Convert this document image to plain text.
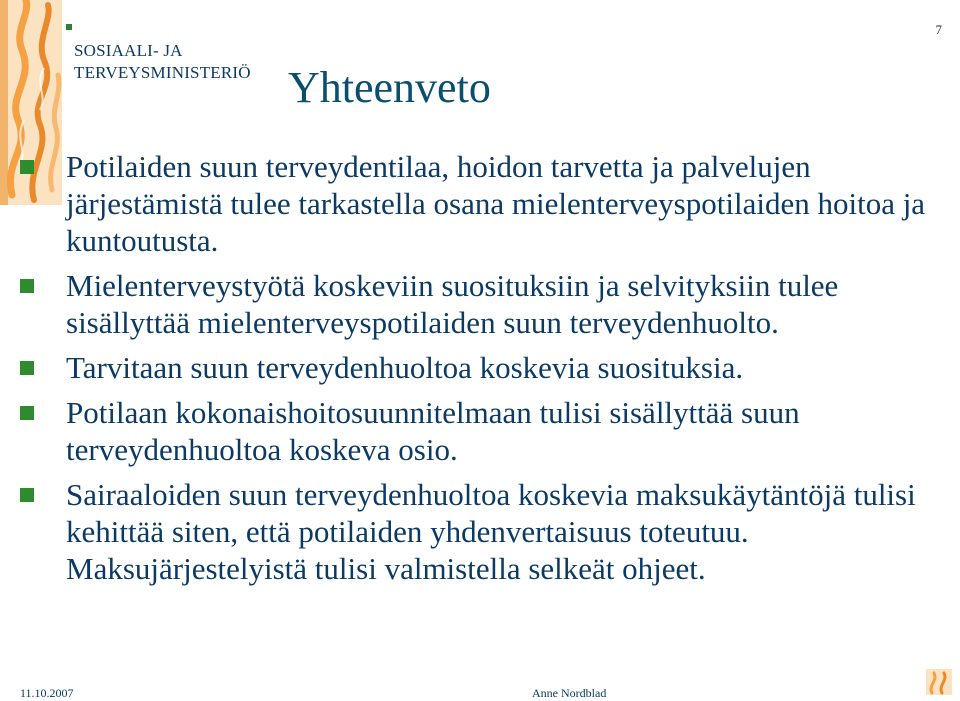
SOSIAALI- JA
TERVEYSMINISTERIÖ
7
Yhteenveto
Potilaiden suun terveydentilaa, hoidon tarvetta ja palvelujen järjestämistä tulee tarkastella osana mielenterveyspotilaiden hoitoa ja kuntoutusta.
Mielenterveystyötä koskeviin suosituksiin ja selvityksiin tulee sisällyttää mielenterveyspotilaiden suun terveydenhuolto.
Tarvitaan suun terveydenhuoltoa koskevia suosituksia.
Potilaan kokonaishoitosuunnitelmaan tulisi sisällyttää suun terveydenhuoltoa koskeva osio.
Sairaaloiden suun terveydenhuoltoa koskevia maksukäytäntöjä tulisi kehittää siten, että potilaiden yhdenvertaisuus toteutuu. Maksujärjestelyistä tulisi valmistella selkeät ohjeet.
11.10.2007	Anne Nordblad
